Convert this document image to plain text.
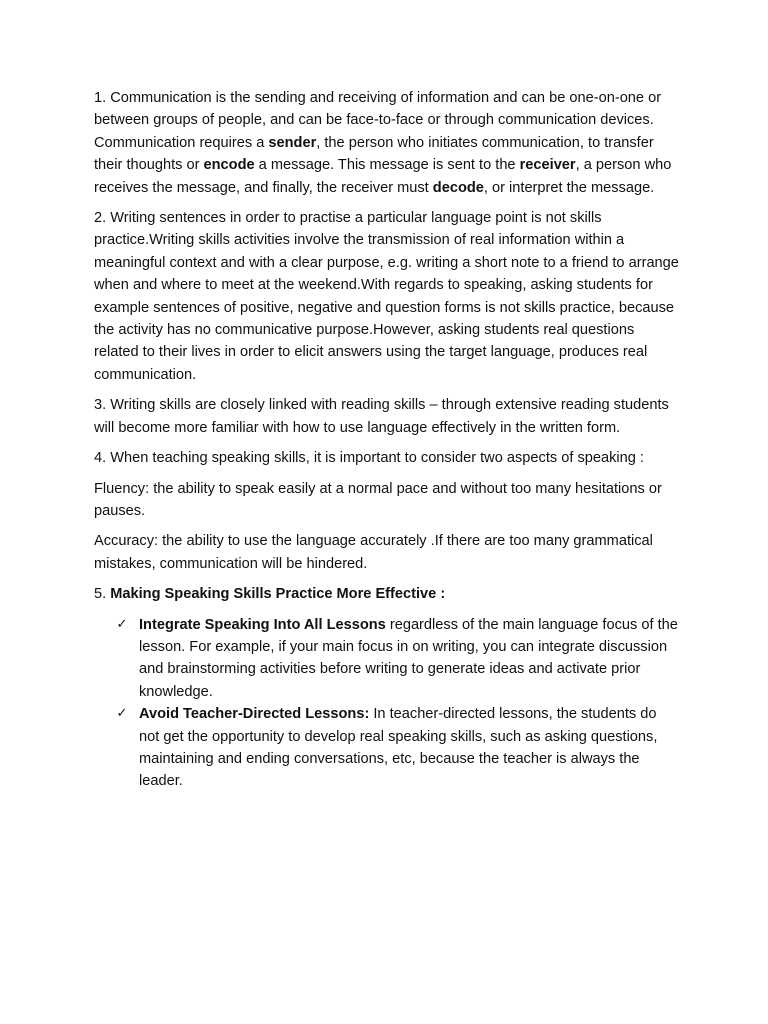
1. Communication is the sending and receiving of information and can be one-on-one or between groups of people, and can be face-to-face or through communication devices. Communication requires a sender, the person who initiates communication, to transfer their thoughts or encode a message. This message is sent to the receiver, a person who receives the message, and finally, the receiver must decode, or interpret the message.

2. Writing sentences in order to practise a particular language point is not skills practice.Writing skills activities involve the transmission of real information within a meaningful context and with a clear purpose, e.g. writing a short note to a friend to arrange when and where to meet at the weekend.With regards to speaking, asking students for example sentences of positive, negative and question forms is not skills practice, because the activity has no communicative purpose.However, asking students real questions related to their lives in order to elicit answers using the target language, produces real communication.

3. Writing skills are closely linked with reading skills – through extensive reading students will become more familiar with how to use language effectively in the written form.

4. When teaching speaking skills, it is important to consider two aspects of speaking :

Fluency: the ability to speak easily at a normal pace and without too many hesitations or pauses.

Accuracy: the ability to use the language accurately .If there are too many grammatical mistakes, communication will be hindered.

5. Making Speaking Skills Practice More Effective :

✓ Integrate Speaking Into All Lessons regardless of the main language focus of the lesson. For example, if your main focus in on writing, you can integrate discussion and brainstorming activities before writing to generate ideas and activate prior knowledge.
✓ Avoid Teacher-Directed Lessons: In teacher-directed lessons, the students do not get the opportunity to develop real speaking skills, such as asking questions, maintaining and ending conversations, etc, because the teacher is always the leader.
